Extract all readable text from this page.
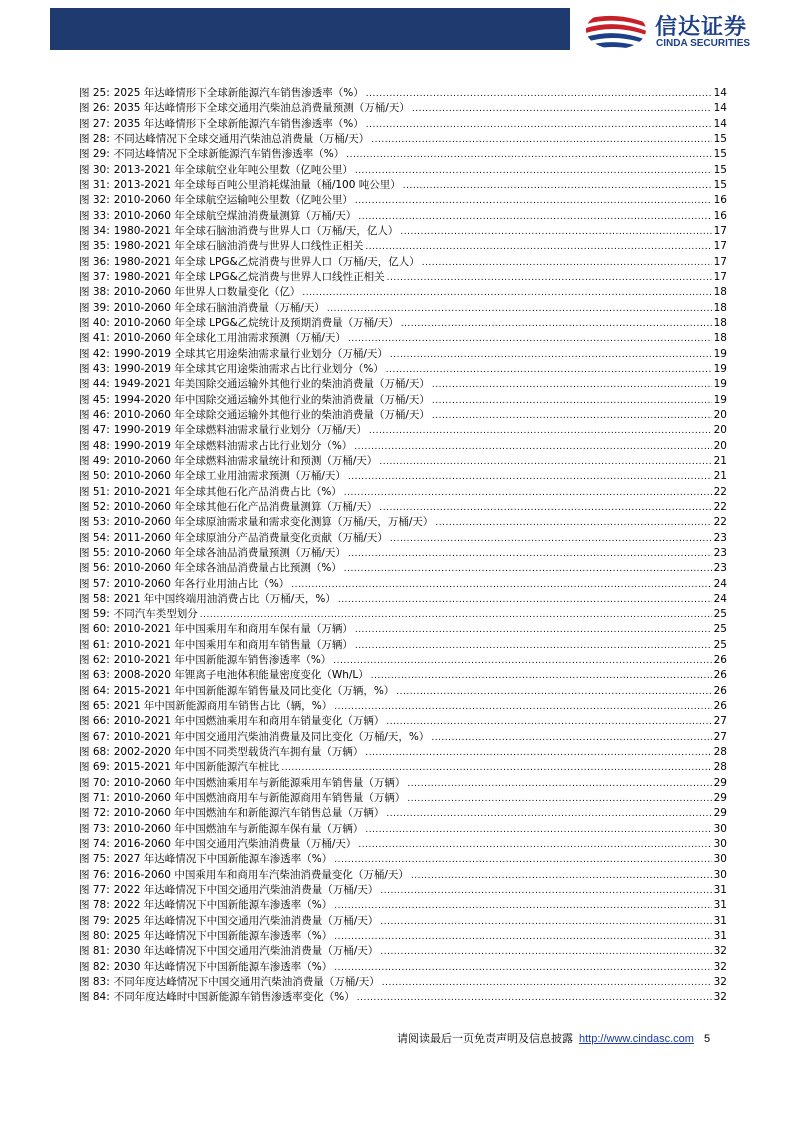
信达证券
CINDA SECURITIES
图 25: 2025 年达峰情形下全球新能源汽车销售渗透率（%） .....	14
图 26: 2035 年达峰情形下全球交通用汽柴油总消费量预测（万桶/天） .....	14
图 27: 2035 年达峰情形下全球新能源汽车销售渗透率（%） .....	14
图 28: 不同达峰情况下全球交通用汽柴油总消费量（万桶/天） .....	15
图 29: 不同达峰情况下全球新能源汽车销售渗透率（%） .....	15
图 30: 2013-2021 年全球航空业年吨公里数（亿吨公里） .....	15
图 31: 2013-2021 年全球每百吨公里消耗煤油量（桶/100 吨公里） .....	15
图 32: 2010-2060 年全球航空运输吨公里数（亿吨公里） .....	16
图 33: 2010-2060 年全球航空煤油消费量测算（万桶/天） .....	16
图 34: 1980-2021 年全球石脑油消费与世界人口（万桶/天，亿人） .....	17
图 35: 1980-2021 年全球石脑油消费与世界人口线性正相关 .....	17
图 36: 1980-2021 年全球 LPG&乙烷消费与世界人口（万桶/天，亿人） .....	17
图 37: 1980-2021 年全球 LPG&乙烷消费与世界人口线性正相关 .....	17
图 38: 2010-2060 年世界人口数量变化（亿） .....	18
图 39: 2010-2060 年全球石脑油消费量（万桶/天） .....	18
图 40: 2010-2060 年全球 LPG&乙烷统计及预期消费量（万桶/天） .....	18
图 41: 2010-2060 年全球化工用油需求预测（万桶/天） .....	18
图 42: 1990-2019 全球其它用途柴油需求量行业划分（万桶/天） .....	19
图 43: 1990-2019 年全球其它用途柴油需求占比行业划分（%） .....	19
图 44: 1949-2021 年美国除交通运输外其他行业的柴油消费量（万桶/天） .....	19
图 45: 1994-2020 年中国除交通运输外其他行业的柴油消费量（万桶/天） .....	19
图 46: 2010-2060 年全球除交通运输外其他行业的柴油消费量（万桶/天） .....	20
图 47: 1990-2019 年全球燃料油需求量行业划分（万桶/天） .....	20
图 48: 1990-2019 年全球燃料油需求占比行业划分（%） .....	20
图 49: 2010-2060 年全球燃料油需求量统计和预测（万桶/天） .....	21
图 50: 2010-2060 年全球工业用油需求预测（万桶/天） .....	21
图 51: 2010-2021 年全球其他石化产品消费占比（%） .....	22
图 52: 2010-2060 年全球其他石化产品消费量测算（万桶/天） .....	22
图 53: 2010-2060 年全球原油需求量和需求变化测算（万桶/天，万桶/天） .....	22
图 54: 2011-2060 年全球原油分产品消费量变化贡献（万桶/天） .....	23
图 55: 2010-2060 年全球各油品消费量预测（万桶/天） .....	23
图 56: 2010-2060 年全球各油品消费量占比预测（%） .....	23
图 57: 2010-2060 年各行业用油占比（%） .....	24
图 58: 2021 年中国终端用油消费占比（万桶/天，%） .....	24
图 59: 不同汽车类型划分 .....	25
图 60: 2010-2021 年中国乘用车和商用车保有量（万辆） .....	25
图 61: 2010-2021 年中国乘用车和商用车销售量（万辆） .....	25
图 62: 2010-2021 年中国新能源车销售渗透率（%） .....	26
图 63: 2008-2020 年锂离子电池体积能量密度变化（Wh/L） .....	26
图 64: 2015-2021 年中国新能源车销售量及同比变化（万辆，%） .....	26
图 65: 2021 年中国新能源商用车销售占比（辆，%） .....	26
图 66: 2010-2021 年中国燃油乘用车和商用车销量变化（万辆） .....	27
图 67: 2010-2021 年中国交通用汽柴油消费量及同比变化（万桶/天，%） .....	27
图 68: 2002-2020 年中国不同类型载货汽车拥有量（万辆） .....	28
图 69: 2015-2021 年中国新能源汽车桩比 .....	28
图 70: 2010-2060 年中国燃油乘用车与新能源乘用车销售量（万辆） .....	29
图 71: 2010-2060 年中国燃油商用车与新能源商用车销售量（万辆） .....	29
图 72: 2010-2060 年中国燃油车和新能源汽车销售总量（万辆） .....	29
图 73: 2010-2060 年中国燃油车与新能源车保有量（万辆） .....	30
图 74: 2016-2060 年中国交通用汽柴油消费量（万桶/天） .....	30
图 75: 2027 年达峰情况下中国新能源车渗透率（%） .....	30
图 76: 2016-2060 中国乘用车和商用车汽柴油消费量变化（万桶/天） .....	30
图 77: 2022 年达峰情况下中国交通用汽柴油消费量（万桶/天） .....	31
图 78: 2022 年达峰情况下中国新能源车渗透率（%） .....	31
图 79: 2025 年达峰情况下中国交通用汽柴油消费量（万桶/天） .....	31
图 80: 2025 年达峰情况下中国新能源车渗透率（%） .....	31
图 81: 2030 年达峰情况下中国交通用汽柴油消费量（万桶/天） .....	32
图 82: 2030 年达峰情况下中国新能源车渗透率（%） .....	32
图 83: 不同年度达峰情况下中国交通用汽柴油消费量（万桶/天） .....	32
图 84: 不同年度达峰时中国新能源车销售渗透率变化（%） .....	32
请阅读最后一页免责声明及信息披露 http://www.cindasc.com 5
